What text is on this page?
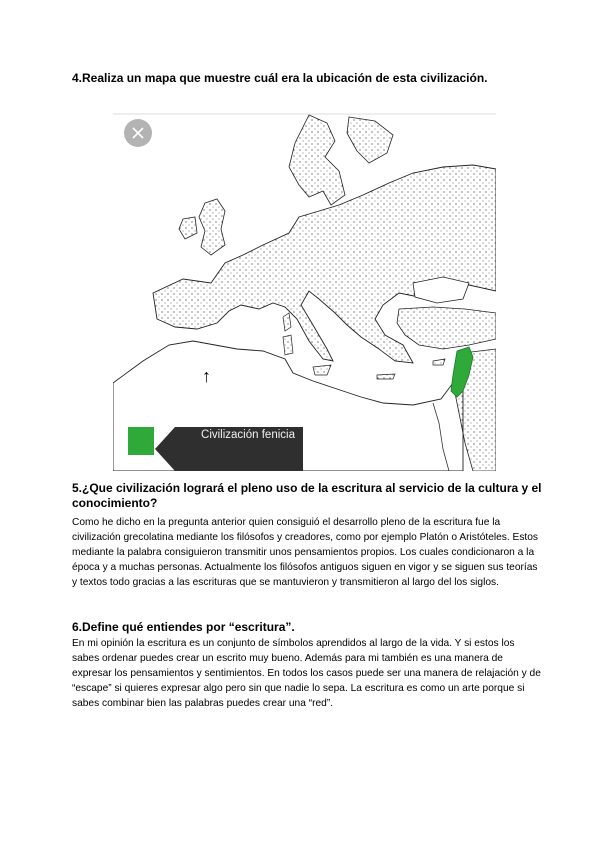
4.Realiza un mapa que muestre cuál era la ubicación de esta civilización.
↑
Civilización fenicia
5.¿Que civilización logrará el pleno uso de la escritura al servicio de la cultura y el conocimiento?

Como he dicho en la pregunta anterior quien consiguió el desarrollo pleno de la escritura fue la civilización grecolatina mediante los filósofos y creadores, como por ejemplo Platón o Aristóteles. Estos mediante la palabra consiguieron transmitir unos pensamientos propios. Los cuales condicionaron a la época y a muchas personas. Actualmente los filósofos antiguos siguen en vigor y se siguen sus teorías y textos todo gracias a las escrituras que se mantuvieron y transmitieron al largo del los siglos.

6.Define qué entiendes por “escritura”.

En mi opinión la escritura es un conjunto de símbolos aprendidos al largo de la vida. Y si estos los sabes ordenar puedes crear un escrito muy bueno. Además para mi también es una manera de expresar los pensamientos y sentimientos. En todos los casos puede ser una manera de relajación y de “escape” si quieres expresar algo pero sin que nadie lo sepa. La escritura es como un arte porque si sabes combinar bien las palabras puedes crear una “red”.
